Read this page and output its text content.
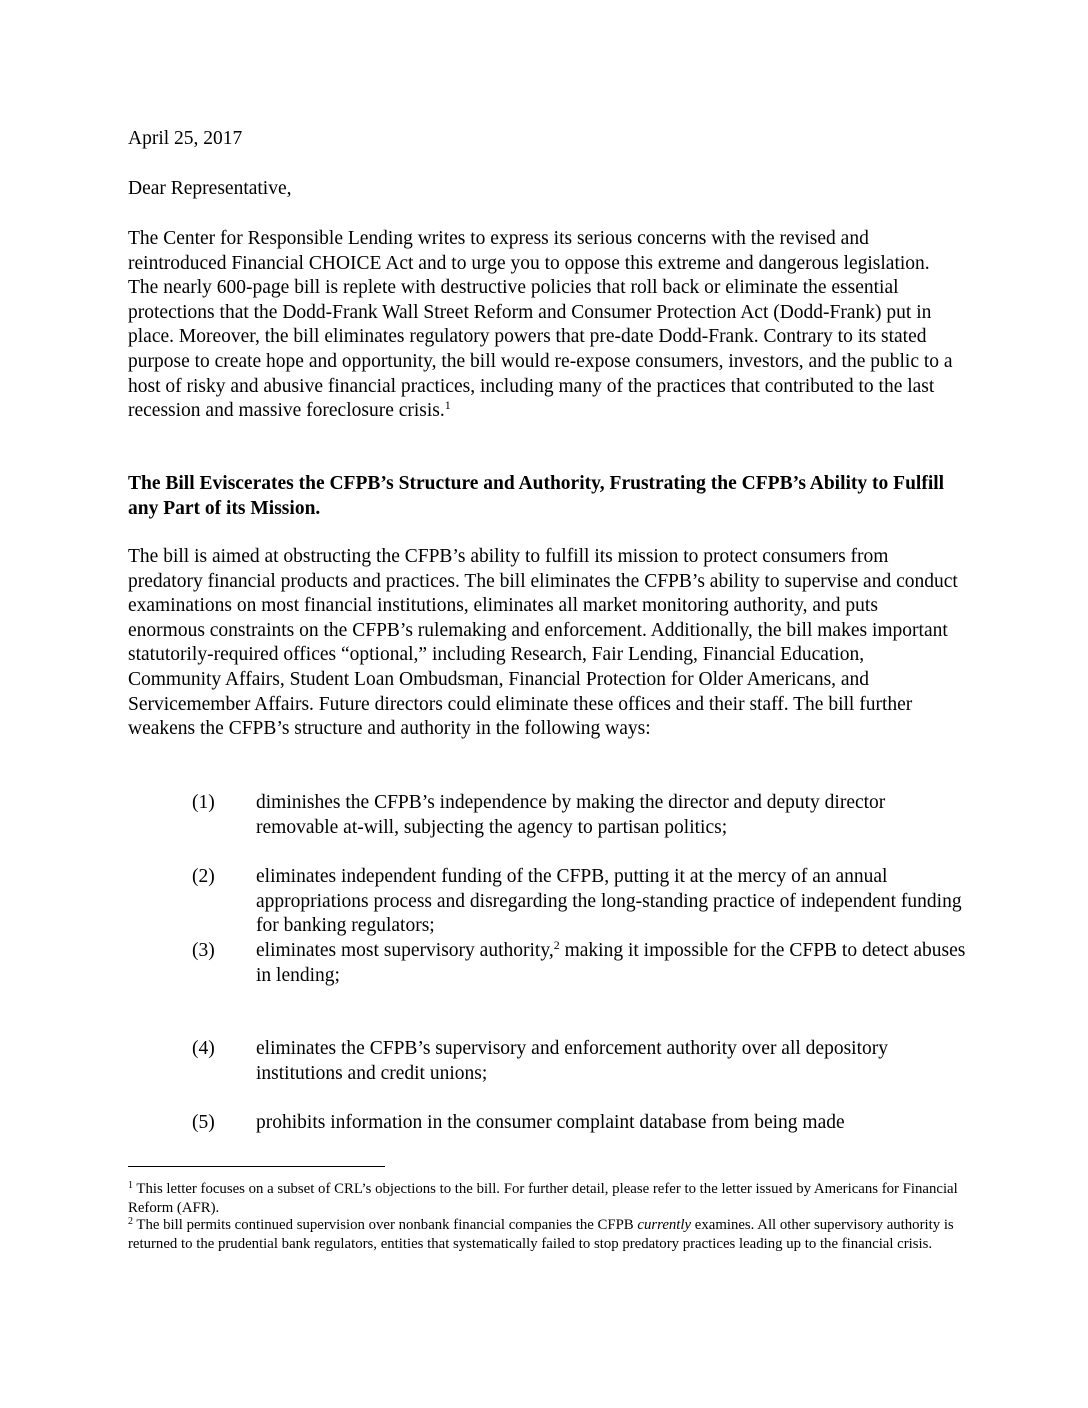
April 25, 2017
Dear Representative,

The Center for Responsible Lending writes to express its serious concerns with the revised and reintroduced Financial CHOICE Act and to urge you to oppose this extreme and dangerous legislation. The nearly 600-page bill is replete with destructive policies that roll back or eliminate the essential protections that the Dodd-Frank Wall Street Reform and Consumer Protection Act (Dodd-Frank) put in place. Moreover, the bill eliminates regulatory powers that pre-date Dodd-Frank. Contrary to its stated purpose to create hope and opportunity, the bill would re-expose consumers, investors, and the public to a host of risky and abusive financial practices, including many of the practices that contributed to the last recession and massive foreclosure crisis.$^1$

The Bill Eviscerates the CFPB’s Structure and Authority, Frustrating the CFPB’s Ability to Fulfill any Part of its Mission.

The bill is aimed at obstructing the CFPB’s ability to fulfill its mission to protect consumers from predatory financial products and practices. The bill eliminates the CFPB’s ability to supervise and conduct examinations on most financial institutions, eliminates all market monitoring authority, and puts enormous constraints on the CFPB’s rulemaking and enforcement. Additionally, the bill makes important statutorily-required offices “optional,” including Research, Fair Lending, Financial Education, Community Affairs, Student Loan Ombudsman, Financial Protection for Older Americans, and Servicemember Affairs. Future directors could eliminate these offices and their staff. The bill further weakens the CFPB’s structure and authority in the following ways:

(1) diminishes the CFPB’s independence by making the director and deputy director removable at-will, subjecting the agency to partisan politics;
(2) eliminates independent funding of the CFPB, putting it at the mercy of an annual appropriations process and disregarding the long-standing practice of independent funding for banking regulators;
(3) eliminates most supervisory authority,$^2$ making it impossible for the CFPB to detect abuses in lending;
(4) eliminates the CFPB’s supervisory and enforcement authority over all depository institutions and credit unions;
(5) prohibits information in the consumer complaint database from being made

$^1$ This letter focuses on a subset of CRL’s objections to the bill. For further detail, please refer to the letter issued by Americans for Financial Reform (AFR).

$^2$ The bill permits continued supervision over nonbank financial companies the CFPB currently examines. All other supervisory authority is returned to the prudential bank regulators, entities that systematically failed to stop predatory practices leading up to the financial crisis.
